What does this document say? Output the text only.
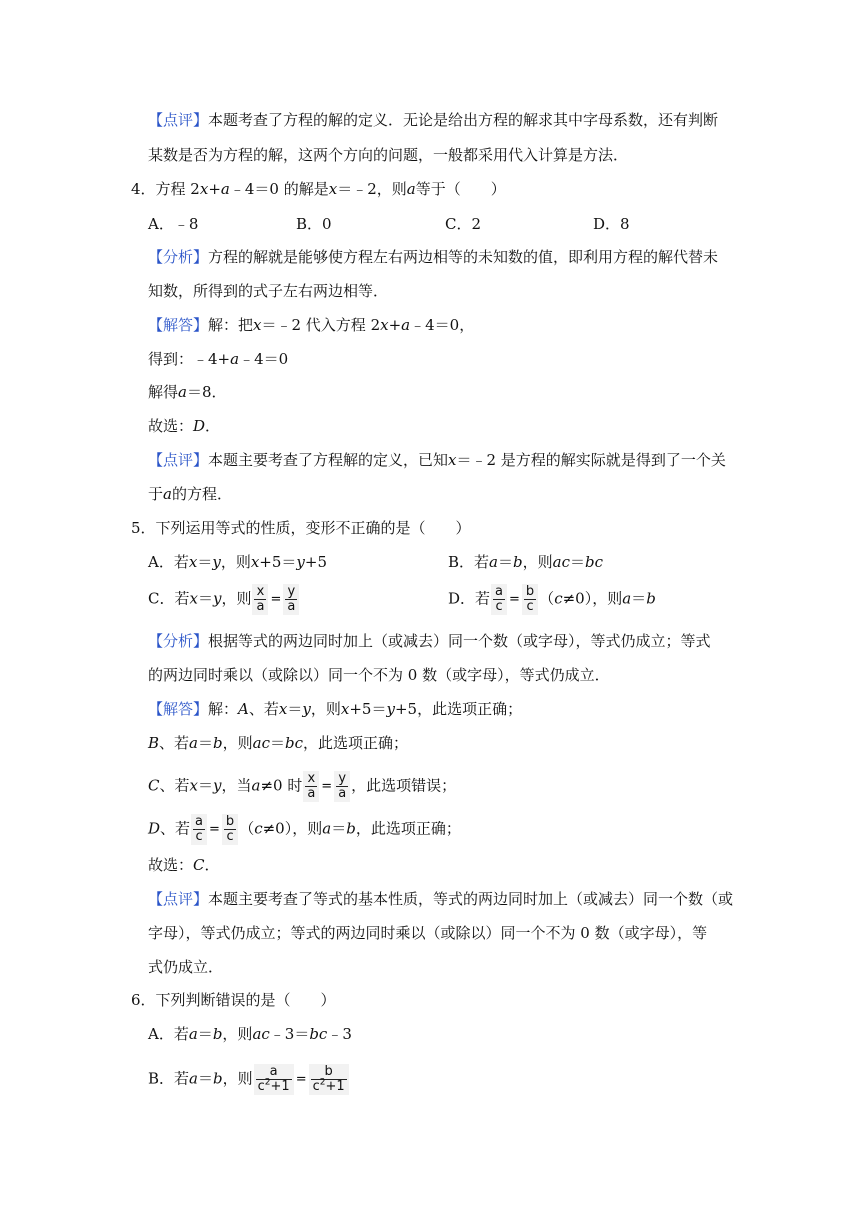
【点评】本题考查了方程的解的定义．无论是给出方程的解求其中字母系数，还有判断
某数是否为方程的解，这两个方向的问题，一般都采用代入计算是方法．
4．方程 2x+a﹣4＝0 的解是x＝﹣2，则a等于（　　）
A．﹣8	B．0	C．2	D．8
【分析】方程的解就是能够使方程左右两边相等的未知数的值，即利用方程的解代替未
知数，所得到的式子左右两边相等．
【解答】解：把x＝﹣2 代入方程 2x+a﹣4＝0，
得到：﹣4+a﹣4＝0
解得a＝8．
故选：D．
【点评】本题主要考查了方程解的定义，已知x＝﹣2 是方程的解实际就是得到了一个关
于a的方程．
5．下列运用等式的性质，变形不正确的是（　　）
A．若x＝y，则x+5＝y+5	B．若a＝b，则ac＝bc
C．若x＝y，则 $\frac{x}{a} = \frac{y}{a}$	D．若 $\frac{a}{c} = \frac{b}{c} (c\ne 0)$，则a＝b
【分析】根据等式的两边同时加上（或减去）同一个数（或字母），等式仍成立；等式
的两边同时乘以（或除以）同一个不为 0 数（或字母），等式仍成立．
【解答】解：A、若x＝y，则x+5＝y+5，此选项正确；
B、若a＝b，则ac＝bc，此选项正确；
C、若x＝y，当a≠0 时 $\frac{x}{a} = \frac{y}{a}$ ，此选项错误；
D、若 $\frac{a}{c} = \frac{b}{c} (c\ne 0)$，则a＝b，此选项正确；
故选：C．
【点评】本题主要考查了等式的基本性质，等式的两边同时加上（或减去）同一个数（或
字母），等式仍成立；等式的两边同时乘以（或除以）同一个不为 0 数（或字母），等
式仍成立．
6．下列判断错误的是（　　）
A．若a＝b，则ac﹣3＝bc﹣3
B．若a＝b，则 $\frac{a}{c^2+1} = \frac{b}{c^2+1}$
